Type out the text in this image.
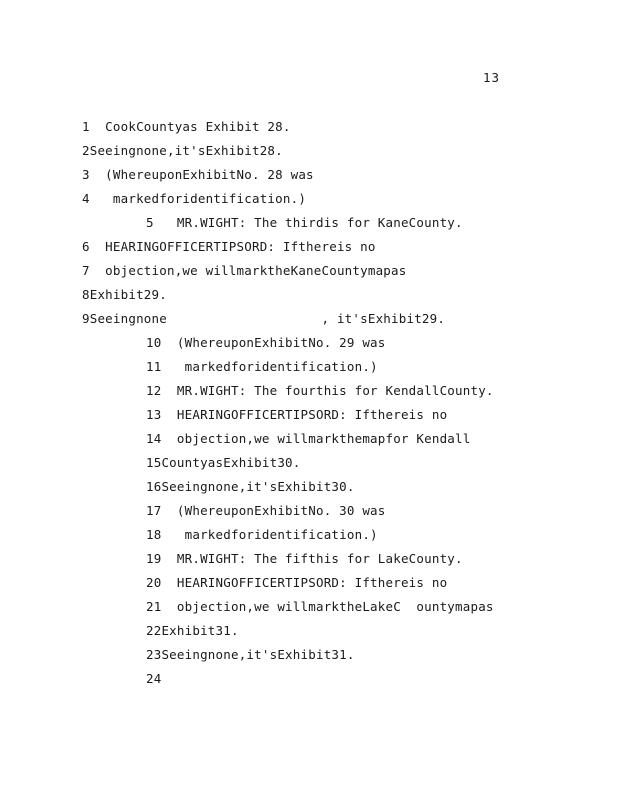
13
1  CookCountyas Exhibit 28.
2Seeingnone,it'sExhibit28.
3  (WhereuponExhibitNo. 28 was
4   markedforidentification.)
5   MR.WIGHT: The thirdis for KaneCounty.
6  HEARINGOFFICERTIPSORD: Ifthereis no
7  objection,we willmarktheKaneCountymapas
8Exhibit29.
9Seeingnone                    , it'sExhibit29.
10  (WhereuponExhibitNo. 29 was
11   markedforidentification.)
12  MR.WIGHT: The fourthis for KendallCounty.
13  HEARINGOFFICERTIPSORD: Ifthereis no
14  objection,we willmarkthemapfor Kendall
15CountyasExhibit30.
16Seeingnone,it'sExhibit30.
17  (WhereuponExhibitNo. 30 was
18   markedforidentification.)
19  MR.WIGHT: The fifthis for LakeCounty.
20  HEARINGOFFICERTIPSORD: Ifthereis no
21  objection,we willmarktheLakeC  ountymapas
22Exhibit31.
23Seeingnone,it'sExhibit31.
24
